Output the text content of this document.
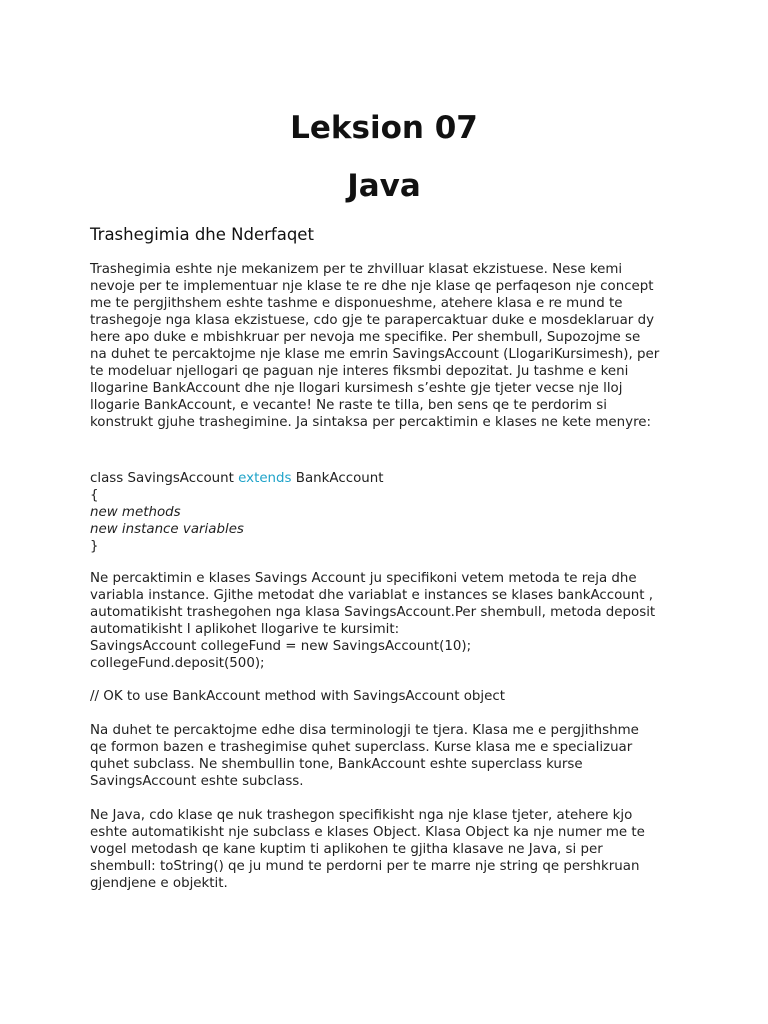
Leksion 07
Java
Trashegimia dhe Nderfaqet

Trashegimia eshte nje mekanizem per te zhvilluar klasat ekzistuese. Nese kemi
nevoje per te implementuar nje klase te re dhe nje klase qe perfaqeson nje concept
me te pergjithshem eshte tashme e disponueshme, atehere klasa e re mund te
trashegoje nga klasa ekzistuese, cdo gje te parapercaktuar duke e mosdeklaruar dy
here apo duke e mbishkruar per nevoja me specifike. Per shembull, Supozojme se
na duhet te percaktojme nje klase me emrin SavingsAccount (LlogariKursimesh), per
te modeluar njellogari qe paguan nje interes fiksmbi depozitat. Ju tashme e keni
llogarine BankAccount dhe nje llogari kursimesh s’eshte gje tjeter vecse nje lloj
llogarie BankAccount, e vecante! Ne raste te tilla, ben sens qe te perdorim si
konstrukt gjuhe trashegimine. Ja sintaksa per percaktimin e klases ne kete menyre:

class SavingsAccount extends BankAccount
{
new methods
new instance variables
}

Ne percaktimin e klases Savings Account ju specifikoni vetem metoda te reja dhe
variabla instance. Gjithe metodat dhe variablat e instances se klases bankAccount ,
automatikisht trashegohen nga klasa SavingsAccount.Per shembull, metoda deposit
automatikisht I aplikohet llogarive te kursimit:
SavingsAccount collegeFund = new SavingsAccount(10);
collegeFund.deposit(500);

// OK to use BankAccount method with SavingsAccount object

Na duhet te percaktojme edhe disa terminologji te tjera. Klasa me e pergjithshme
qe formon bazen e trashegimise quhet superclass. Kurse klasa me e specializuar
quhet subclass. Ne shembullin tone, BankAccount eshte superclass kurse
SavingsAccount eshte subclass.

Ne Java, cdo klase qe nuk trashegon specifikisht nga nje klase tjeter, atehere kjo
eshte automatikisht nje subclass e klases Object. Klasa Object ka nje numer me te
vogel metodash qe kane kuptim ti aplikohen te gjitha klasave ne Java, si per
shembull: toString() qe ju mund te perdorni per te marre nje string qe pershkruan
gjendjene e objektit.
